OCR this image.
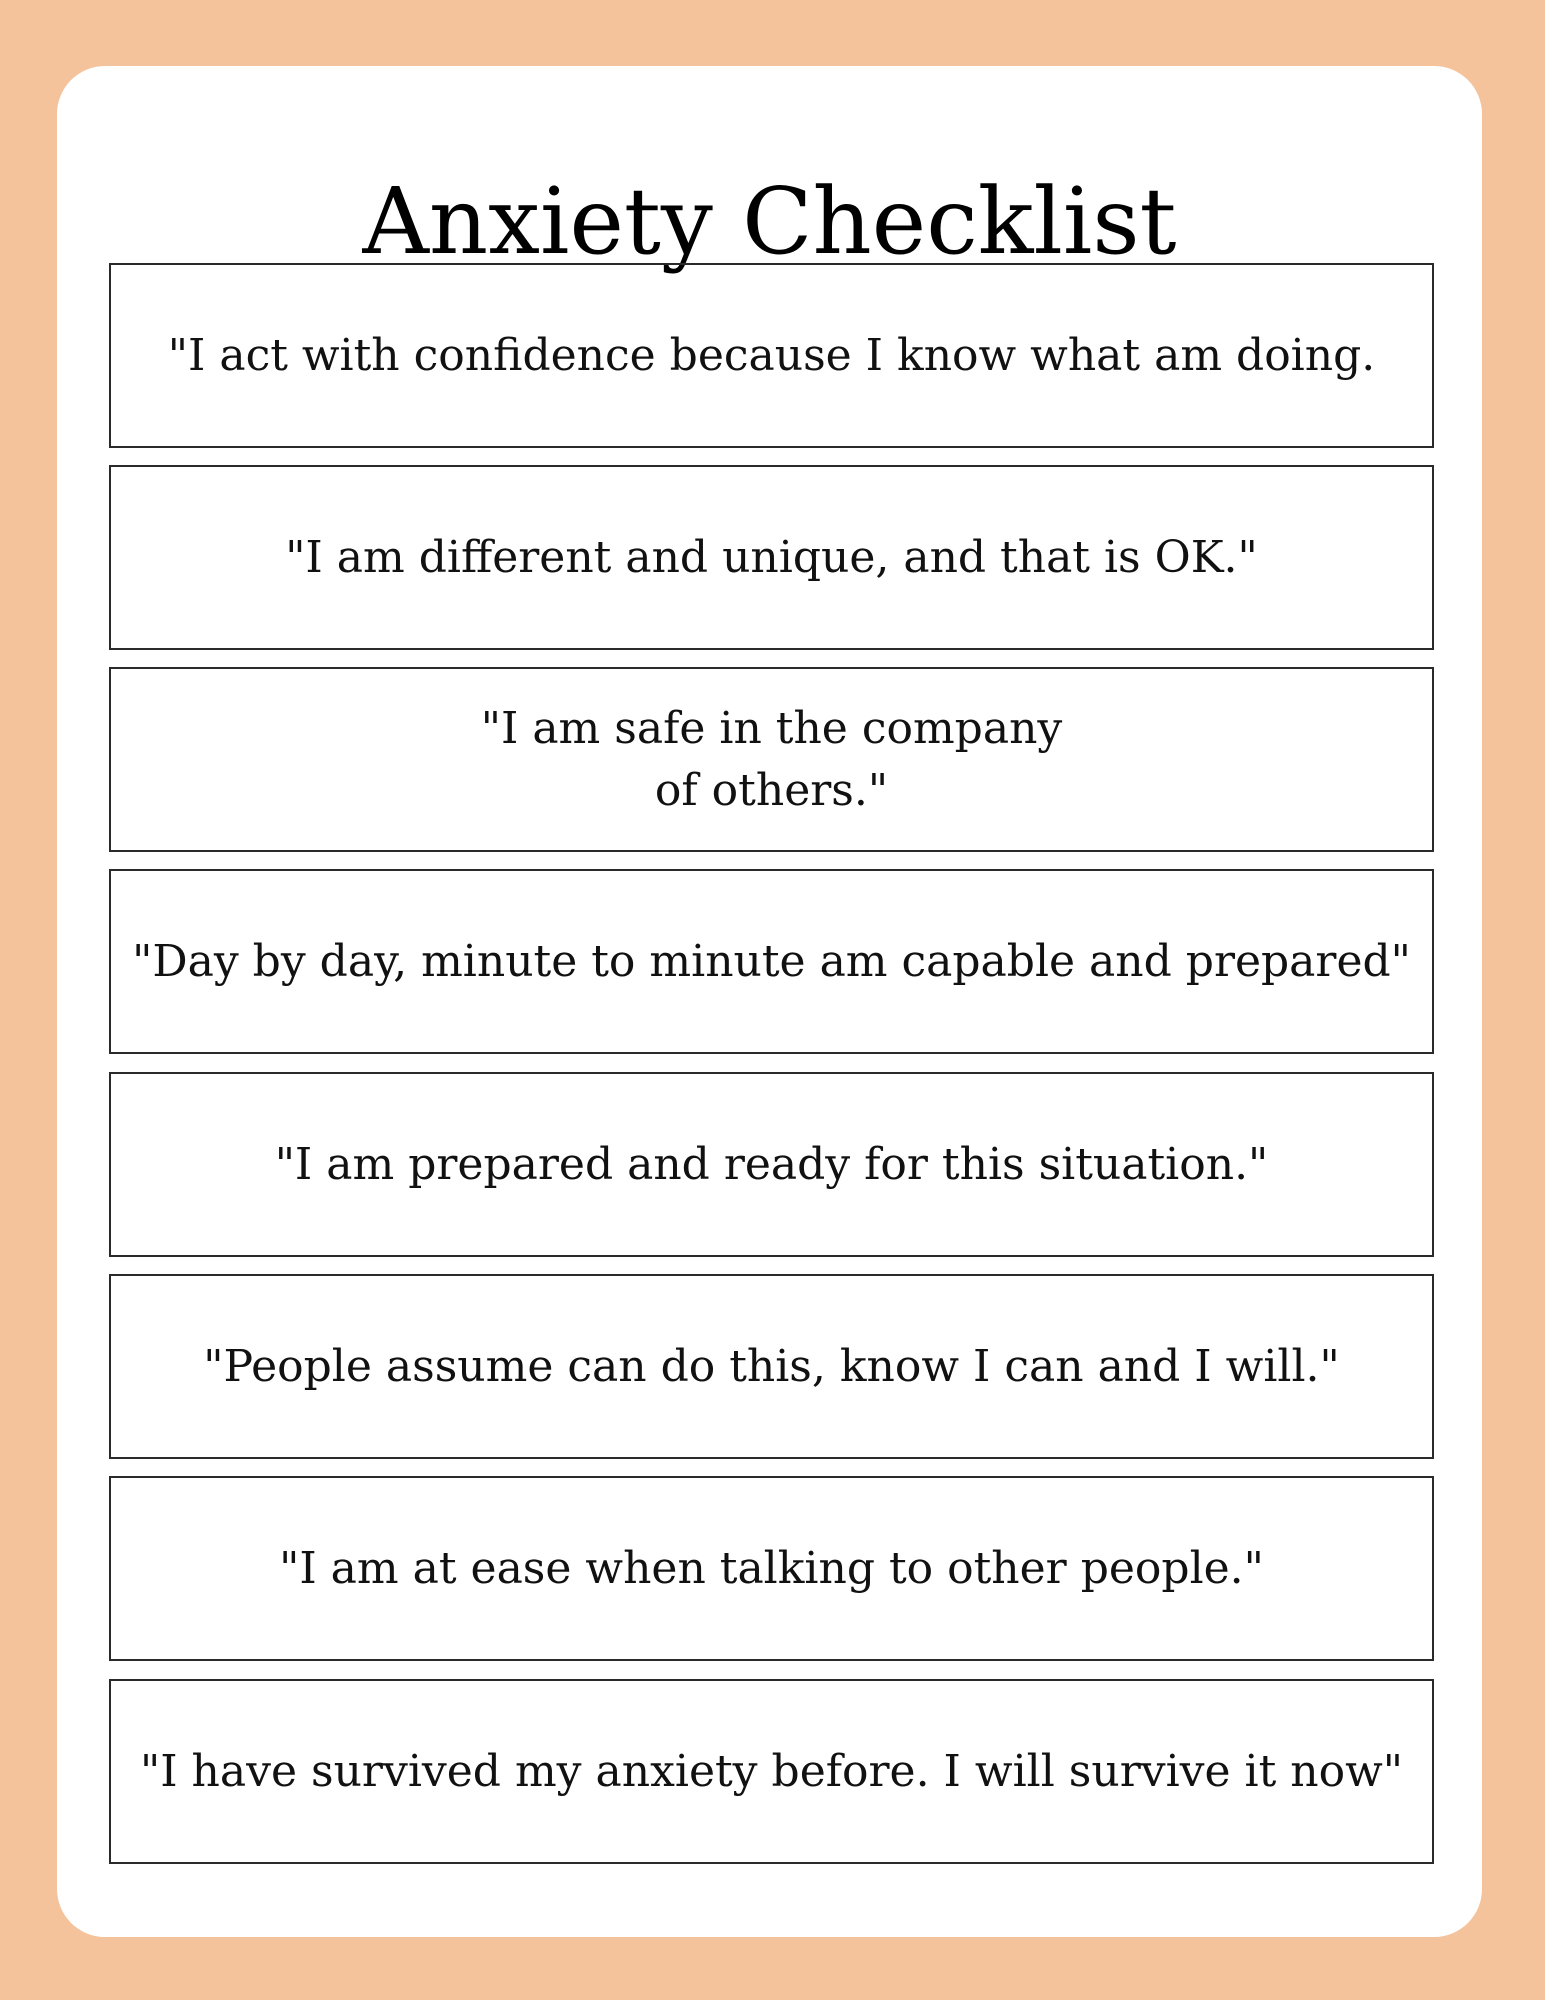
Anxiety Checklist
"I act with confidence because I know what am doing.
"I am different and unique, and that is OK."
"I am safe in the company of others."
"Day by day, minute to minute am capable and prepared"
"I am prepared and ready for this situation."
"People assume can do this, know I can and I will."
"I am at ease when talking to other people."
"I have survived my anxiety before. I will survive it now"
